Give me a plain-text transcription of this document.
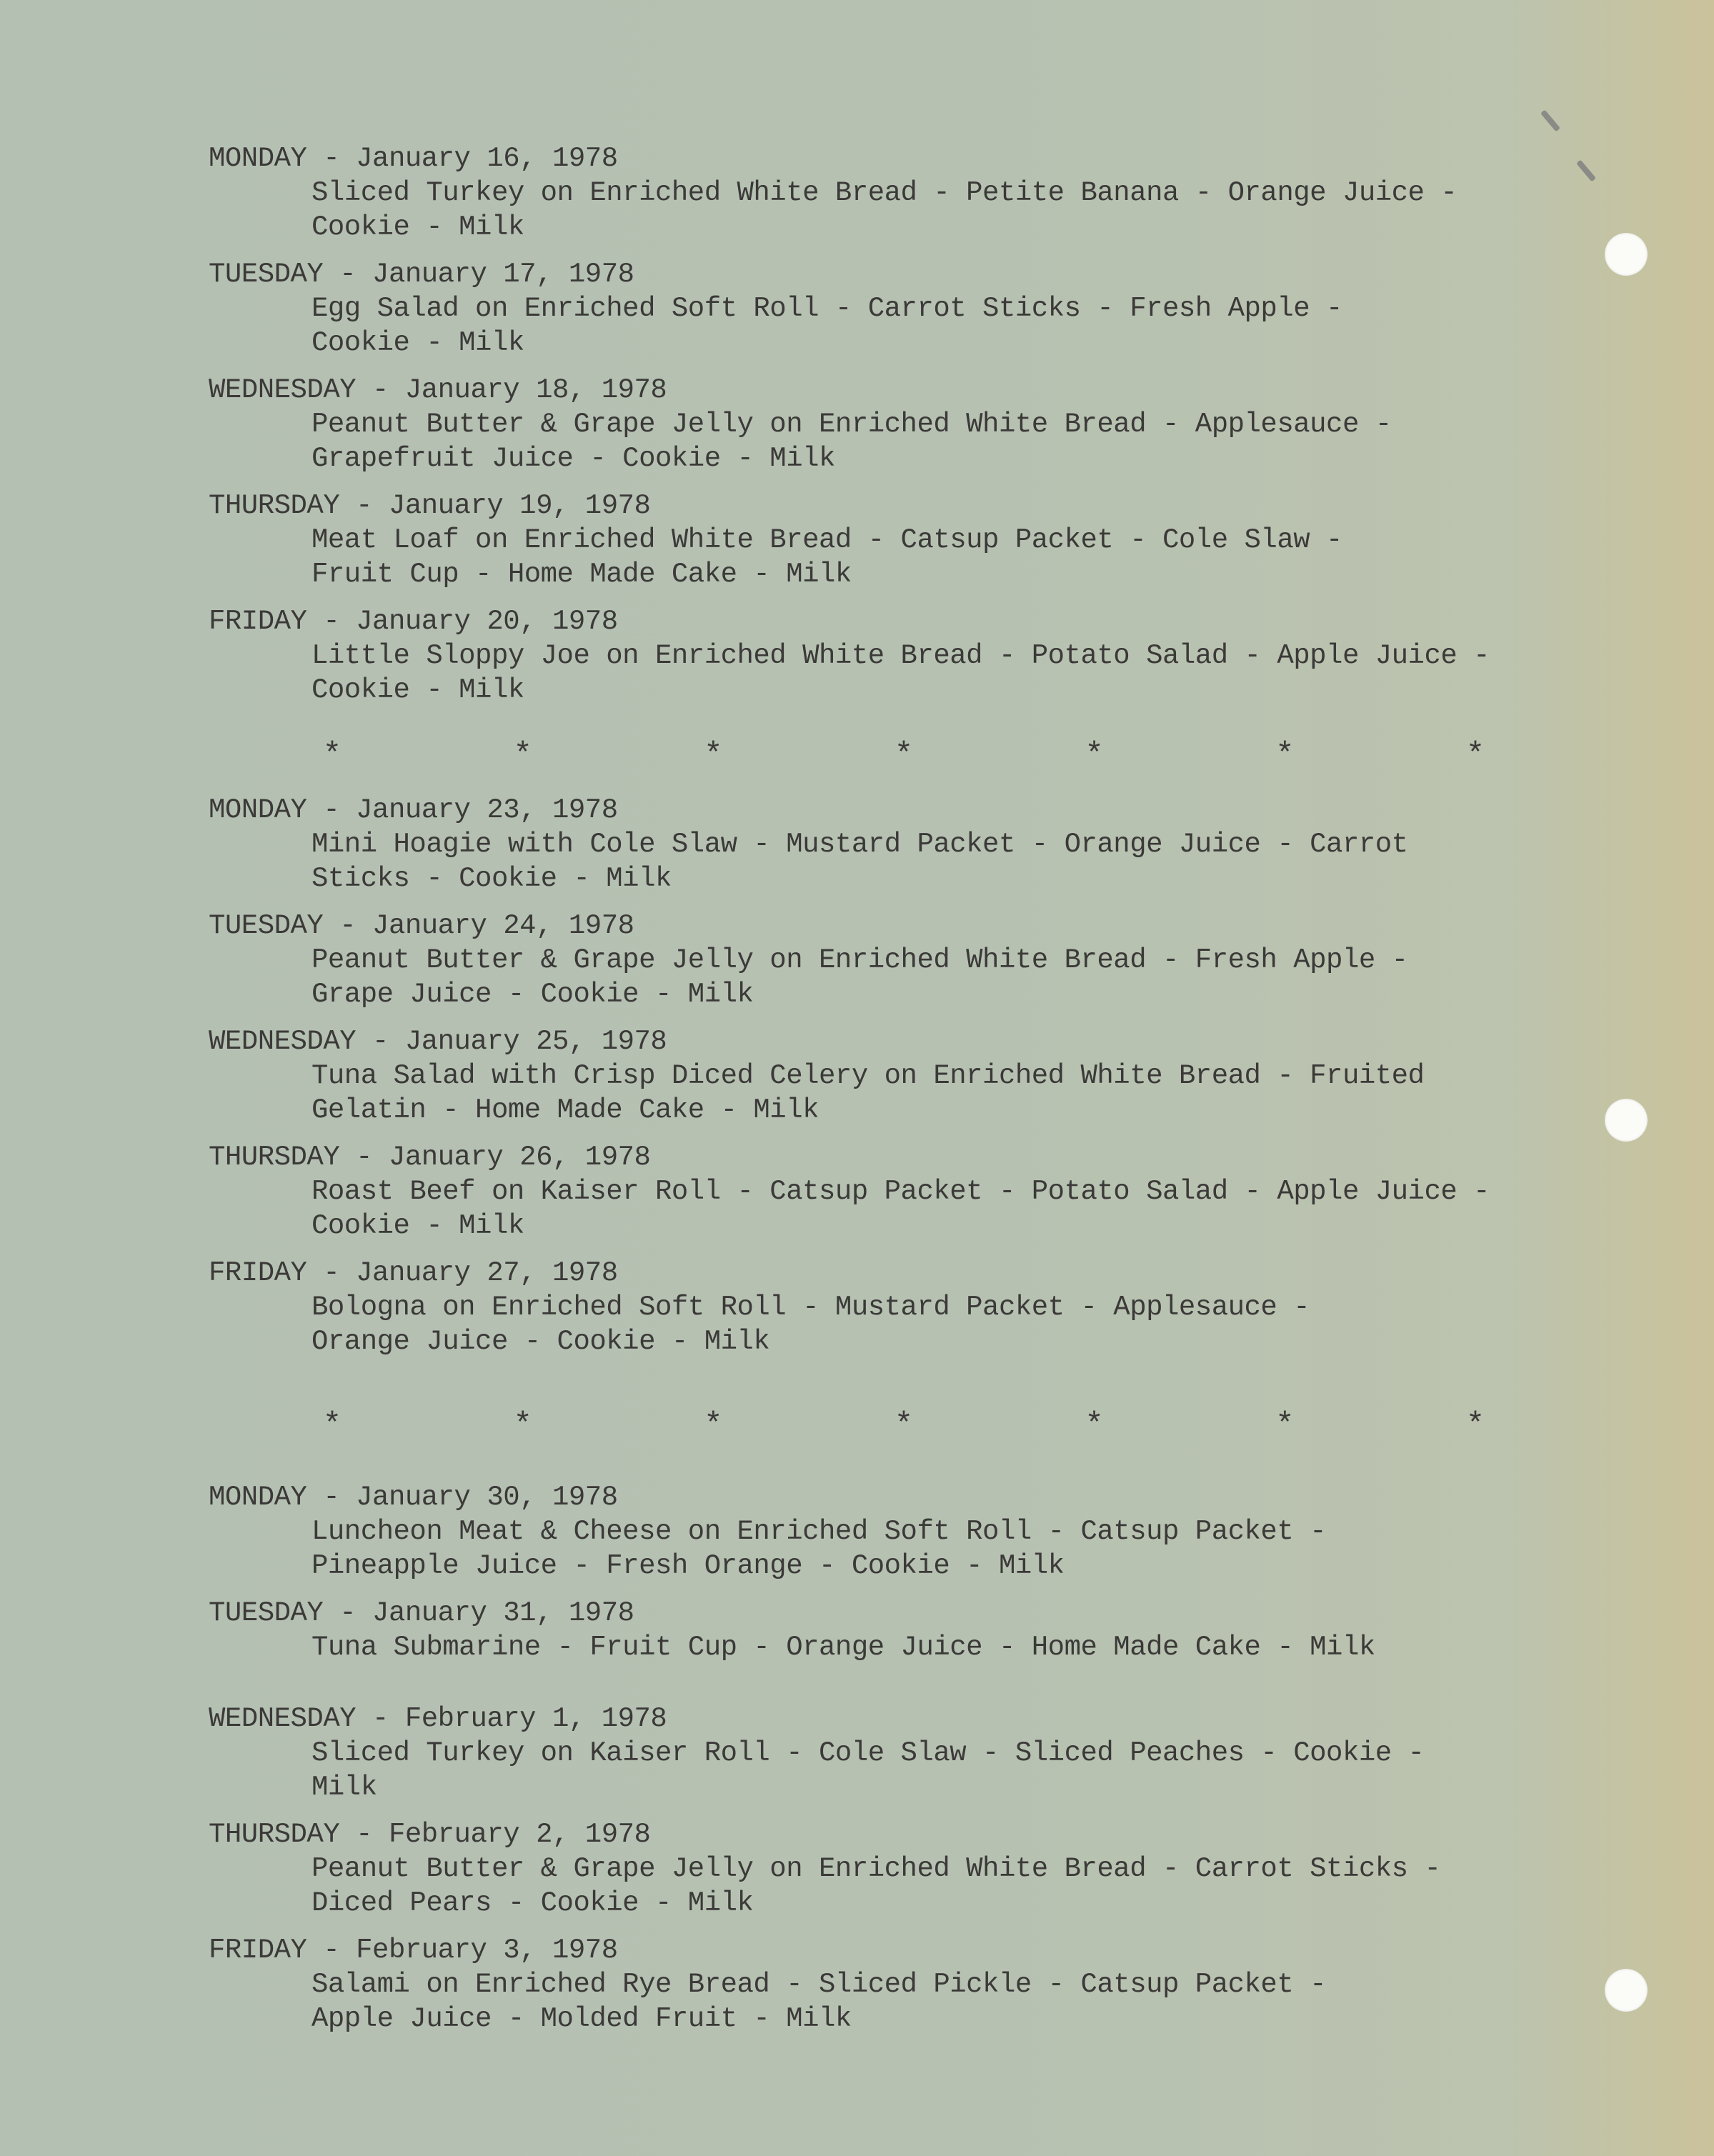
MONDAY - January 16, 1978
Sliced Turkey on Enriched White Bread - Petite Banana - Orange Juice -
Cookie - Milk
TUESDAY - January 17, 1978
Egg Salad on Enriched Soft Roll - Carrot Sticks - Fresh Apple -
Cookie - Milk
WEDNESDAY - January 18, 1978
Peanut Butter & Grape Jelly on Enriched White Bread - Applesauce -
Grapefruit Juice - Cookie - Milk
THURSDAY - January 19, 1978
Meat Loaf on Enriched White Bread - Catsup Packet - Cole Slaw -
Fruit Cup - Home Made Cake - Milk
FRIDAY - January 20, 1978
Little Sloppy Joe on Enriched White Bread - Potato Salad - Apple Juice -
Cookie - Milk
*	*	*	*	*	*	*
MONDAY - January 23, 1978
Mini Hoagie with Cole Slaw - Mustard Packet - Orange Juice - Carrot
Sticks - Cookie - Milk
TUESDAY - January 24, 1978
Peanut Butter & Grape Jelly on Enriched White Bread - Fresh Apple -
Grape Juice - Cookie - Milk
WEDNESDAY - January 25, 1978
Tuna Salad with Crisp Diced Celery on Enriched White Bread - Fruited
Gelatin - Home Made Cake - Milk
THURSDAY - January 26, 1978
Roast Beef on Kaiser Roll - Catsup Packet - Potato Salad - Apple Juice -
Cookie - Milk
FRIDAY - January 27, 1978
Bologna on Enriched Soft Roll - Mustard Packet - Applesauce -
Orange Juice - Cookie - Milk
*	*	*	*	*	*	*
MONDAY - January 30, 1978
Luncheon Meat & Cheese on Enriched Soft Roll - Catsup Packet -
Pineapple Juice - Fresh Orange - Cookie - Milk
TUESDAY - January 31, 1978
Tuna Submarine - Fruit Cup - Orange Juice - Home Made Cake - Milk
WEDNESDAY - February 1, 1978
Sliced Turkey on Kaiser Roll - Cole Slaw - Sliced Peaches - Cookie -
Milk
THURSDAY - February 2, 1978
Peanut Butter & Grape Jelly on Enriched White Bread - Carrot Sticks -
Diced Pears - Cookie - Milk
FRIDAY - February 3, 1978
Salami on Enriched Rye Bread - Sliced Pickle - Catsup Packet -
Apple Juice - Molded Fruit - Milk
